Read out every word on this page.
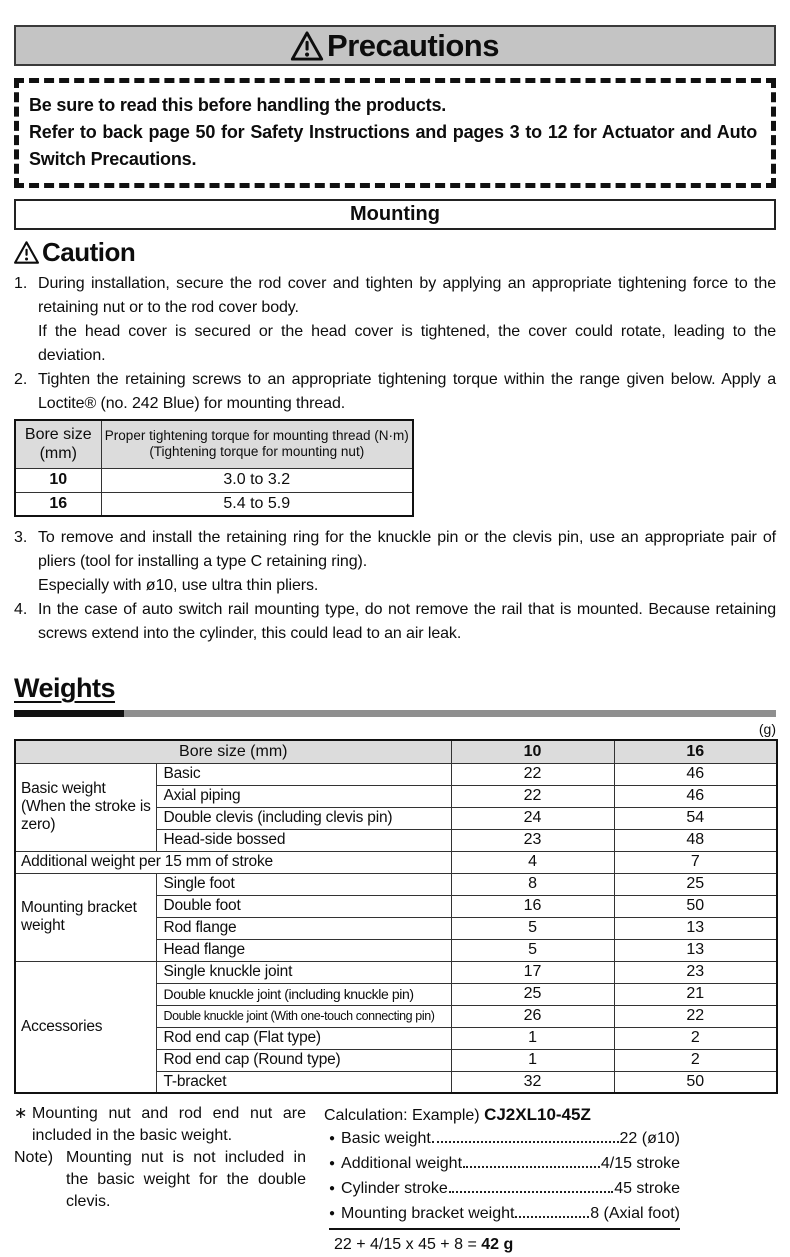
Precautions

Be sure to read this before handling the products.

Refer to back page 50 for Safety Instructions and pages 3 to 12 for Actuator and Auto Switch Precautions.

Mounting
Caution
1. During installation, secure the rod cover and tighten by applying an appropriate tightening force to the retaining nut or to the rod cover body.

If the head cover is secured or the head cover is tightened, the cover could rotate, leading to the deviation.

2. Tighten the retaining screws to an appropriate tightening torque within the range given below. Apply a Loctite® (no. 242 Blue) for mounting thread.

Bore size (mm)	Proper tightening torque for mounting thread (N·m)
(Tightening torque for mounting nut)

10	3.0 to 3.2
16	5.4 to 5.9
3. To remove and install the retaining ring for the knuckle pin or the clevis pin, use an appropriate pair of pliers (tool for installing a type C retaining ring).

Especially with ø10, use ultra thin pliers.

4. In the case of auto switch rail mounting type, do not remove the rail that is mounted. Because retaining screws extend into the cylinder, this could lead to an air leak.

Weights
(g)
Bore size (mm)		10	16
Basic weight (When the stroke is zero)	Basic	22	46
	Axial piping	22	46
	Double clevis (including clevis pin)	24	54
	Head-side bossed	23	48
Additional weight per 15 mm of stroke		4	7
Mounting bracket weight	Single foot	8	25
	Double foot	16	50
	Rod flange	5	13
	Head flange	5	13
Accessories	Single knuckle joint	17	23
	Double knuckle joint (including knuckle pin)	25	21
	Double knuckle joint (With one-touch connecting pin)	26	22
	Rod end cap (Flat type)	1	2
	Rod end cap (Round type)	1	2
	T-bracket	32	50
∗ Mounting nut and rod end nut are included in the basic weight.
Note) Mounting nut is not included in the basic weight for the double clevis.
Calculation: Example) CJ2XL10-45Z
● Basic weight	22 (ø10)
● Additional weight	4/15 stroke
● Cylinder stroke	45 stroke
● Mounting bracket weight	8 (Axial foot)
22 + 4/15 x 45 + 8 = 42 g
